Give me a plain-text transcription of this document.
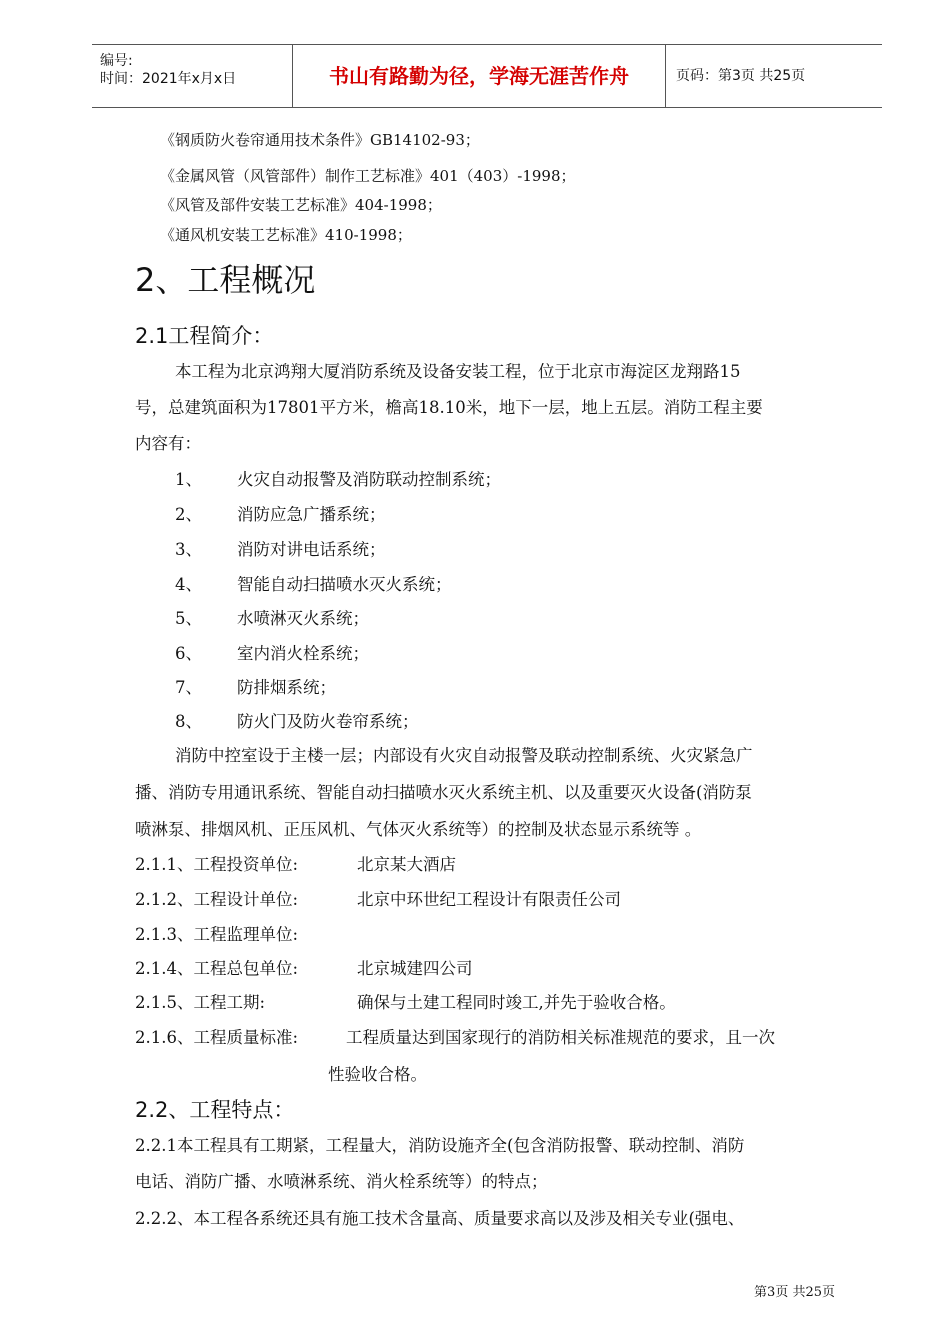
编号:
时间：2021年x月x日	书山有路勤为径，学海无涯苦作舟	页码：第3页 共25页
《钢质防火卷帘通用技术条件》GB14102-93；
《金属风管（风管部件）制作工艺标准》401（403）-1998；
《风管及部件安装工艺标准》404-1998；
《通风机安装工艺标准》410-1998；
2、工程概况
2.1工程简介：
本工程为北京鸿翔大厦消防系统及设备安装工程，位于北京市海淀区龙翔路15
号，总建筑面积为17801平方米，檐高18.10米，地下一层，地上五层。消防工程主要
内容有：
1、 火灾自动报警及消防联动控制系统；
2、 消防应急广播系统；
3、 消防对讲电话系统；
4、 智能自动扫描喷水灭火系统；
5、 水喷淋灭火系统；
6、 室内消火栓系统；
7、 防排烟系统；
8、 防火门及防火卷帘系统；
消防中控室设于主楼一层；内部设有火灾自动报警及联动控制系统、火灾紧急广
播、消防专用通讯系统、智能自动扫描喷水灭火系统主机、以及重要灭火设备(消防泵
喷淋泵、排烟风机、正压风机、气体灭火系统等）的控制及状态显示系统等 。
2.1.1、工程投资单位:	北京某大酒店
2.1.2、工程设计单位:	北京中环世纪工程设计有限责任公司
2.1.3、工程监理单位:
2.1.4、工程总包单位:	北京城建四公司
2.1.5、工程工期:	确保与土建工程同时竣工,并先于验收合格。
2.1.6、工程质量标准:	工程质量达到国家现行的消防相关标准规范的要求，且一次
性验收合格。
2.2、工程特点：
2.2.1本工程具有工期紧，工程量大，消防设施齐全(包含消防报警、联动控制、消防
电话、消防广播、水喷淋系统、消火栓系统等）的特点；
2.2.2、本工程各系统还具有施工技术含量高、质量要求高以及涉及相关专业(强电、
第3页 共25页
